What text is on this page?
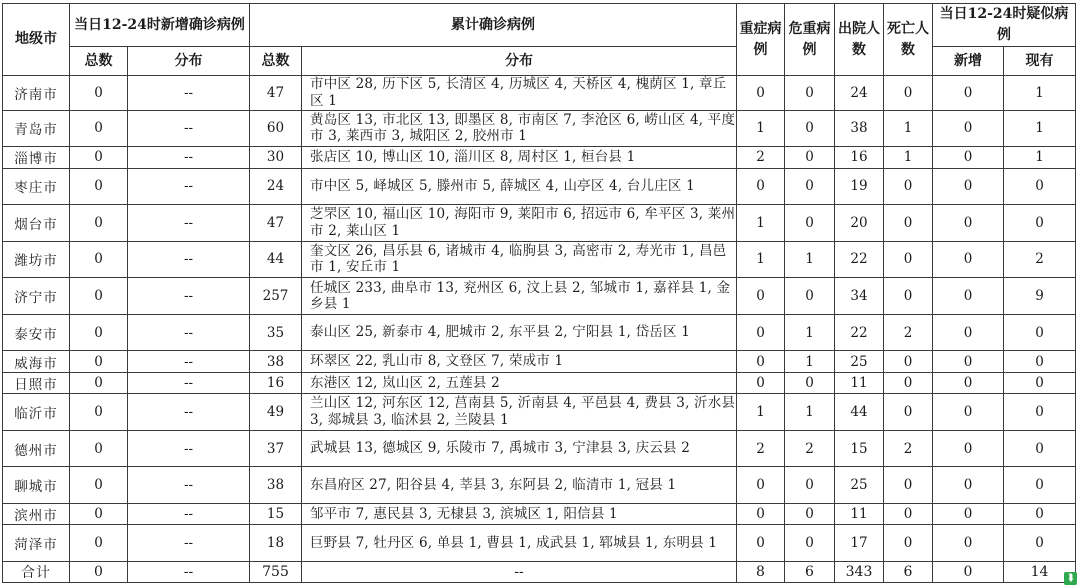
地级市	当日12-24时新增确诊病例		累计确诊病例		重症病例	危重病例	出院人数	死亡人数	当日12-24时疑似病例	
	总数	分布	总数	分布					新增	现有
济南市	0	--	47	市中区 28, 历下区 5, 长清区 4, 历城区 4, 天桥区 4, 槐荫区 1, 章丘区 1	0	0	24	0	0	1
青岛市	0	--	60	黄岛区 13, 市北区 13, 即墨区 8, 市南区 7, 李沧区 6, 崂山区 4, 平度市 3, 莱西市 3, 城阳区 2, 胶州市 1	1	0	38	1	0	1
淄博市	0	--	30	张店区 10, 博山区 10, 淄川区 8, 周村区 1, 桓台县 1	2	0	16	1	0	1
枣庄市	0	--	24	市中区 5, 峄城区 5, 滕州市 5, 薛城区 4, 山亭区 4, 台儿庄区 1	0	0	19	0	0	0
烟台市	0	--	47	芝罘区 10, 福山区 10, 海阳市 9, 莱阳市 6, 招远市 6, 牟平区 3, 莱州市 2, 莱山区 1	1	0	20	0	0	0
潍坊市	0	--	44	奎文区 26, 昌乐县 6, 诸城市 4, 临朐县 3, 高密市 2, 寿光市 1, 昌邑市 1, 安丘市 1	1	1	22	0	0	2
济宁市	0	--	257	任城区 233, 曲阜市 13, 兖州区 6, 汶上县 2, 邹城市 1, 嘉祥县 1, 金乡县 1	0	0	34	0	0	9
泰安市	0	--	35	泰山区 25, 新泰市 4, 肥城市 2, 东平县 2, 宁阳县 1, 岱岳区 1	0	1	22	2	0	0
威海市	0	--	38	环翠区 22, 乳山市 8, 文登区 7, 荣成市 1	0	1	25	0	0	0
日照市	0	--	16	东港区 12, 岚山区 2, 五莲县 2	0	0	11	0	0	0
临沂市	0	--	49	兰山区 12, 河东区 12, 莒南县 5, 沂南县 4, 平邑县 4, 费县 3, 沂水县 3, 郯城县 3, 临沭县 2, 兰陵县 1	1	1	44	0	0	0
德州市	0	--	37	武城县 13, 德城区 9, 乐陵市 7, 禹城市 3, 宁津县 3, 庆云县 2	2	2	15	2	0	0
聊城市	0	--	38	东昌府区 27, 阳谷县 4, 莘县 3, 东阿县 2, 临清市 1, 冠县 1	0	0	25	0	0	0
滨州市	0	--	15	邹平市 7, 惠民县 3, 无棣县 3, 滨城区 1, 阳信县 1	0	0	11	0	0	0
菏泽市	0	--	18	巨野县 7, 牡丹区 6, 单县 1, 曹县 1, 成武县 1, 郓城县 1, 东明县 1	0	0	17	0	0	0
合计	0	--	755	--	8	6	343	6	0	14	⮯
